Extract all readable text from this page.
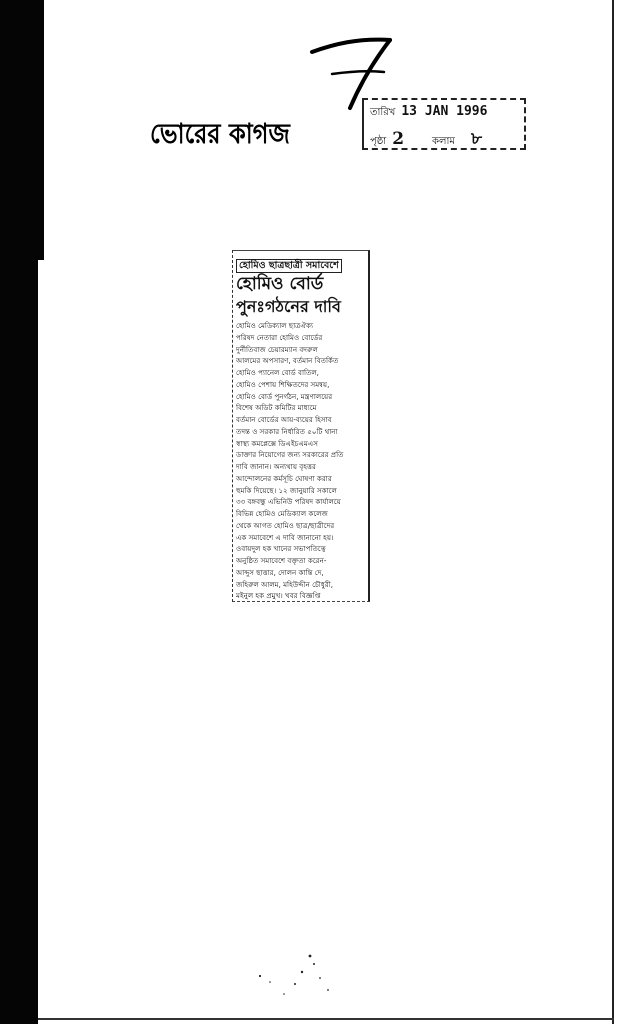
ভোরের কাগজ
তারিখ 13 JAN 1996
পৃষ্ঠা 2	কলাম ৮
হোমিও ছাত্রছাত্রী সমাবেশে
হোমিও বোর্ড
পুনঃগঠনের দাবি

হোমিও মেডিক্যাল ছাত্রঐক্য

পরিষদ নেতারা হোমিও বোর্ডের

দুর্নীতিবাজ চেয়ারম্যান বদরুল

আলমের অপসারণ, বর্তমান বিতর্কিত

হোমিও প্যানেল বোর্ড বাতিল,

হোমিও পেশায় শিক্ষিতদের সমন্বয়,

হোমিও বোর্ড পুনর্গঠন, মন্ত্রণালয়ের

বিশেষ অডিট কমিটির মাধ্যমে

বর্তমান বোর্ডের আয়-ব্যয়ের হিসাব

তদন্ত ও সরকার নির্ধারিত ৫০টি থানা

স্বাস্থ্য কমপ্লেক্সে ডিএইচএমএস

ডাক্তার নিয়োগের জন্য সরকারের প্রতি

দাবি জানান। অন্যথায় বৃহত্তর

আন্দোলনের কর্মসূচি ঘোষণা করার

হুমকি দিয়েছে। ১২ জানুয়ারি সকালে

৩৩ বঙ্গবন্ধু এভিনিউ পরিষদ কার্যালয়ে

বিভিন্ন হোমিও মেডিক্যাল কলেজ

থেকে আগত হোমিও ছাত্র/ছাত্রীদের

এক সমাবেশে এ দাবি জানানো হয়।

ওবায়দুল হক খানের সভাপতিত্বে

অনুষ্ঠিত সমাবেশে বক্তৃতা করেন-

আব্দুস ছাত্তার, দোলন কান্তি দে,

জহিরুল আলম, মহিউদ্দীন চৌধুরী,

মইনুল হক প্রমুখ। খবর বিজ্ঞপ্তি
